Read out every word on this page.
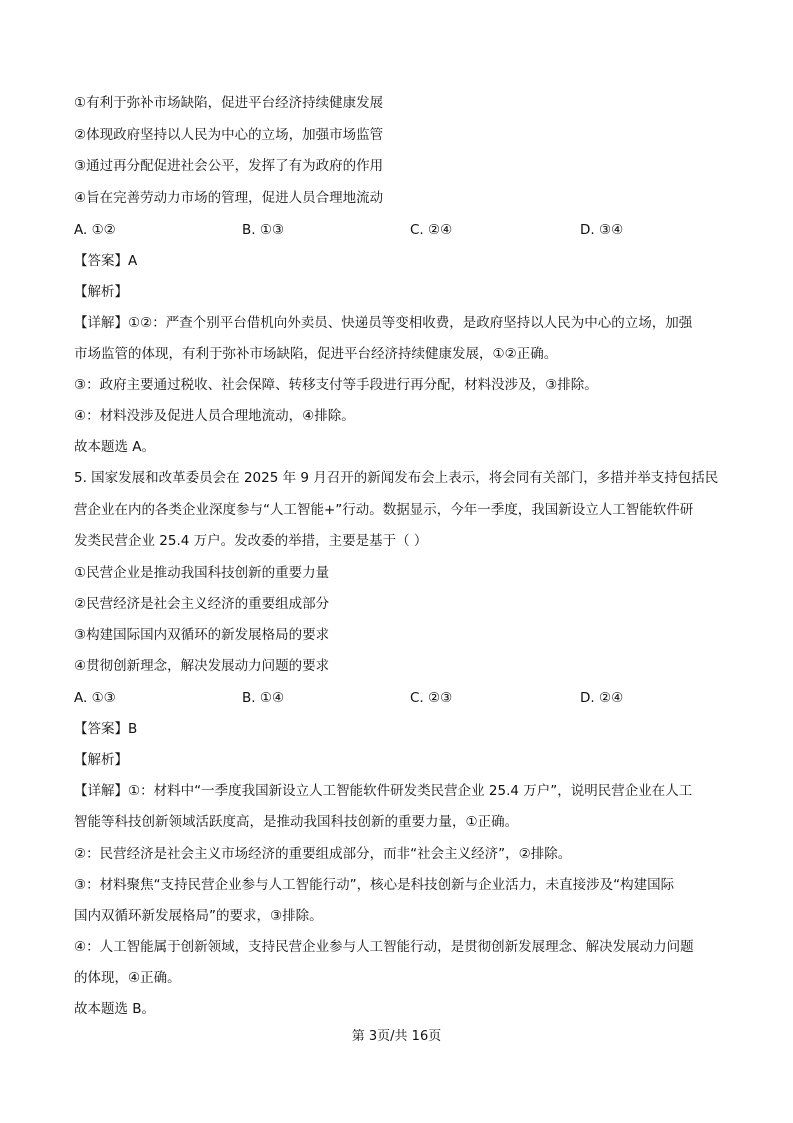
①有利于弥补市场缺陷，促进平台经济持续健康发展
②体现政府坚持以人民为中心的立场，加强市场监管
③通过再分配促进社会公平，发挥了有为政府的作用
④旨在完善劳动力市场的管理，促进人员合理地流动
A. ①②	B. ①③	C. ②④	D. ③④
【答案】A
【解析】
【详解】①②：严查个别平台借机向外卖员、快递员等变相收费，是政府坚持以人民为中心的立场，加强
市场监管的体现，有利于弥补市场缺陷，促进平台经济持续健康发展，①②正确。
③：政府主要通过税收、社会保障、转移支付等手段进行再分配，材料没涉及，③排除。
④：材料没涉及促进人员合理地流动，④排除。
故本题选 A。
5. 国家发展和改革委员会在 2025 年 9 月召开的新闻发布会上表示，将会同有关部门，多措并举支持包括民
营企业在内的各类企业深度参与“人工智能+”行动。数据显示，今年一季度，我国新设立人工智能软件研
发类民营企业 25.4 万户。发改委的举措，主要是基于（ ）
①民营企业是推动我国科技创新的重要力量
②民营经济是社会主义经济的重要组成部分
③构建国际国内双循环的新发展格局的要求
④贯彻创新理念，解决发展动力问题的要求
A. ①③	B. ①④	C. ②③	D. ②④
【答案】B
【解析】
【详解】①：材料中“一季度我国新设立人工智能软件研发类民营企业 25.4 万户”，说明民营企业在人工
智能等科技创新领域活跃度高，是推动我国科技创新的重要力量，①正确。
②：民营经济是社会主义市场经济的重要组成部分，而非“社会主义经济”，②排除。
③：材料聚焦“支持民营企业参与人工智能行动”，核心是科技创新与企业活力，未直接涉及“构建国际
国内双循环新发展格局”的要求，③排除。
④：人工智能属于创新领域，支持民营企业参与人工智能行动，是贯彻创新发展理念、解决发展动力问题
的体现，④正确。
故本题选 B。
第 3页/共 16页
